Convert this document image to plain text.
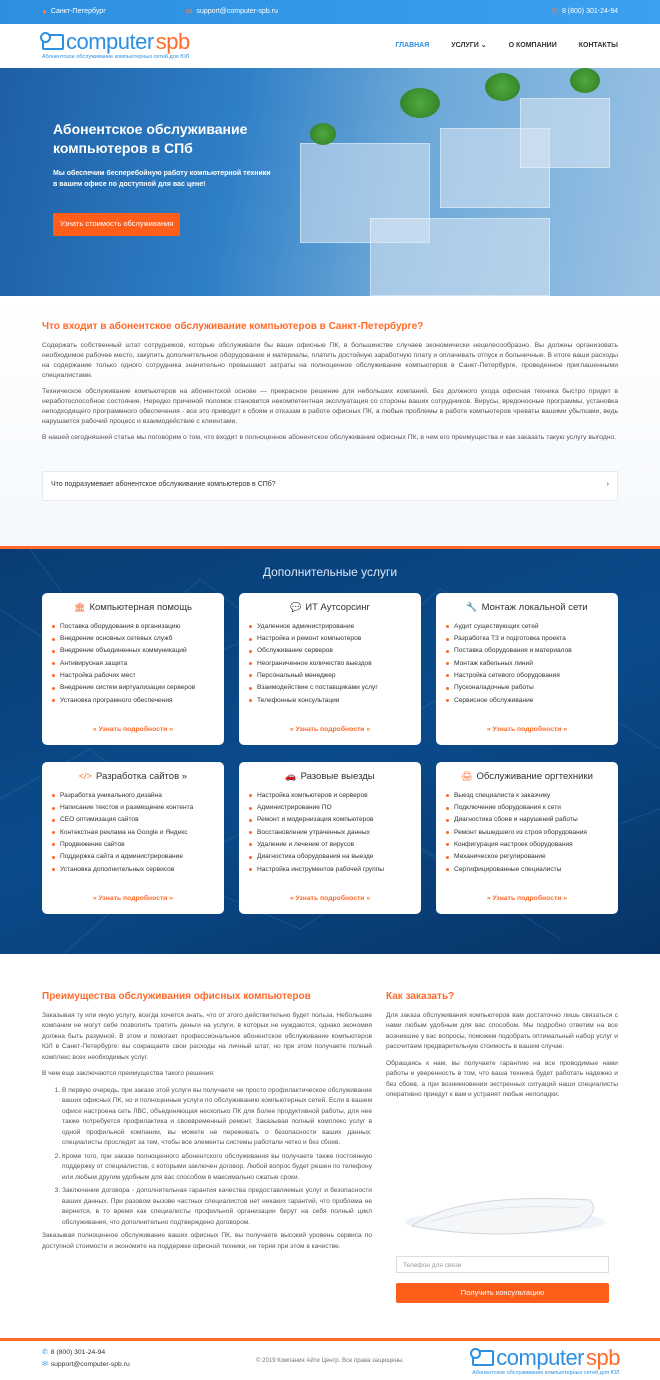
● Санкт-Петербург	✉ support@computer-spb.ru	✆ 8 (800) 301-24-94
computer spb
Абонентское обслуживание компьютерных сетей для ЮЛ
ГЛАВНАЯ	УСЛУГИ ⌄	О КОМПАНИИ	КОНТАКТЫ
Абонентское обслуживание компьютеров в СПб

Мы обеспечим бесперебойную работу компьютерной техники в вашем офисе по доступной для вас цене!

Узнать стоимость обслуживания
Что входит в абонентское обслуживание компьютеров в Санкт-Петербурге?

Содержать собственный штат сотрудников, которые обслуживали бы ваши офисные ПК, в большинстве случаев экономически нецелесообразно. Вы должны организовать необходимое рабочее место, закупить дополнительное оборудование и материалы, платить достойную заработную плату и оплачивать отпуск и больничные. В итоге ваши расходы на содержание только одного сотрудника значительно превышают затраты на полноценное обслуживание компьютеров в Санкт-Петербурге, проведенное приглашенными специалистами.

Техническое обслуживание компьютеров на абонентской основе — прекрасное решение для небольших компаний. Без должного ухода офисная техника быстро придет в неработоспособное состояние. Нередко причиной поломок становится некомпетентная эксплуатация со стороны ваших сотрудников. Вирусы, вредоносные программы, установка неподходящего программного обеспечения - все это приводит к сбоям и отказам в работе офисных ПК, а любые проблемы в работе компьютеров чреваты вашими убытками, ведь нарушается рабочий процесс и взаимодействие с клиентами.

В нашей сегодняшней статье мы поговорим о том, что входит в полноценное абонентское обслуживание офисных ПК, в чем его преимущества и как заказать такую услугу выгодно.

Что подразумевает абонентское обслуживание компьютеров в СПб?	›
Дополнительные услуги
🏛 Компьютерная помощь
Поставка оборудования в организацию
Внедрение основных сетевых служб
Внедрение объединенных коммуникаций
Антивирусная защита
Настройка рабочих мест
Внедрение систем виртуализации серверов
Установка програмного обеспечения
» Узнать подробности »
💬 ИТ Аутсорсинг
Удаленное администрирование
Настройка и ремонт компьютеров
Обслуживание серверов
Неограниченное количество выездов
Персональный менеджер
Взаимодействие с поставщиками услуг
Телефонные консультации
» Узнать подробности »
🔧 Монтаж локальной сети
Аудит существующих сетей
Разработка ТЗ и подготовка проекта
Поставка оборудования и материалов
Монтаж кабельных линий
Настройка сетевого оборудования
Пусконаладочные работы
Сервисное обслуживание
» Узнать подробности »
</> Разработка сайтов »
Разработка уникального дизайна
Написание текстов и размещение контента
СЕО оптимизация сайтов
Контекстная реклама на Google и Яндекс
Продвижение сайтов
Поддержка сайта и администрирование
Установка дополнительных сервисов
» Узнать подробности »
🚗 Разовые выезды
Настройка компьютеров и серверов
Администрирование ПО
Ремонт и модернизация компьютеров
Восстановление утраченных данных
Удаление и лечение от вирусов
Диагностика оборудования на выезде
Настройка инструментов рабочей группы
» Узнать подробности »
🖨 Обслуживание оргтехники
Выезд специалиста к заказчику
Подключение оборудования к сети
Диагностика сбоев и нарушений работы
Ремонт вышедшего из строя оборудования
Конфигурация настроек оборудования
Механическое регулирование
Сертифицированные специалисты
» Узнать подробности »
Преимущества обслуживания офисных компьютеров

Заказывая ту или иную услугу, всегда хочется знать, что от этого действительно будет польза. Небольшие компании не могут себе позволить тратить деньги на услуги, в которых не нуждаются, однако экономия должна быть разумной. В этом и помогает профессиональное абонентское обслуживание компьютеров ЮЛ в Санкт-Петербурге: вы сокращаете свои расходы на личный штат, но при этом получаете полный комплекс всех необходимых услуг.

В чем еще заключаются преимущества такого решения:

1. В первую очередь, при заказе этой услуги вы получаете не просто профилактическое обслуживание ваших офисных ПК, но и полноценные услуги по обслуживанию компьютерных сетей. Если в вашем офисе настроена сеть ЛВС, объединяющая несколько ПК для более продуктивной работы, для нее также потребуется профилактика и своевременный ремонт. Заказывая полный комплекс услуг в одной профильной компании, вы можете не переживать о безопасности ваших данных: специалисты проследят за тем, чтобы все элементы системы работали четко и без сбоев.
2. Кроме того, при заказе полноценного абонентского обслуживания вы получаете также постоянную поддержку от специалистов, с которыми заключен договор. Любой вопрос будет решен по телефону или любым другим удобным для вас способом в максимально сжатые сроки.
3. Заключение договора - дополнительная гарантия качества предоставляемых услуг и безопасности ваших данных. При разовом вызове частных специалистов нет никаких гарантий, что проблема не вернется, в то время как специалисты профильной организации берут на себя полный цикл обслуживания, что дополнительно подтверждено договором.

Заказывая полноценное обслуживание ваших офисных ПК, вы получаете высокий уровень сервиса по доступной стоимости и экономите на поддержке офисной техники, не теряя при этом в качестве.

Как заказать?

Для заказа обслуживания компьютеров вам достаточно лишь связаться с нами любым удобным для вас способом. Мы подробно ответим на все возникшие у вас вопросы, поможем подобрать оптимальный набор услуг и рассчитаем предварительную стоимость в вашем случае.

Обращаясь к нам, вы получаете гарантию на все проводимые нами работы и уверенность в том, что ваша техника будет работать надежно и без сбоев, а при возникновении экстренных ситуаций наши специалисты оперативно приедут к вам и устранят любые неполадки.

Телефон для связи
Получить консультацию
✆ 8 (800) 301-24-94
✉ support@computer-spb.ru	© 2019 Компания Айти Центр. Все права защищены.	computer spb
Абонентское обслуживание компьютерных сетей для ЮЛ
